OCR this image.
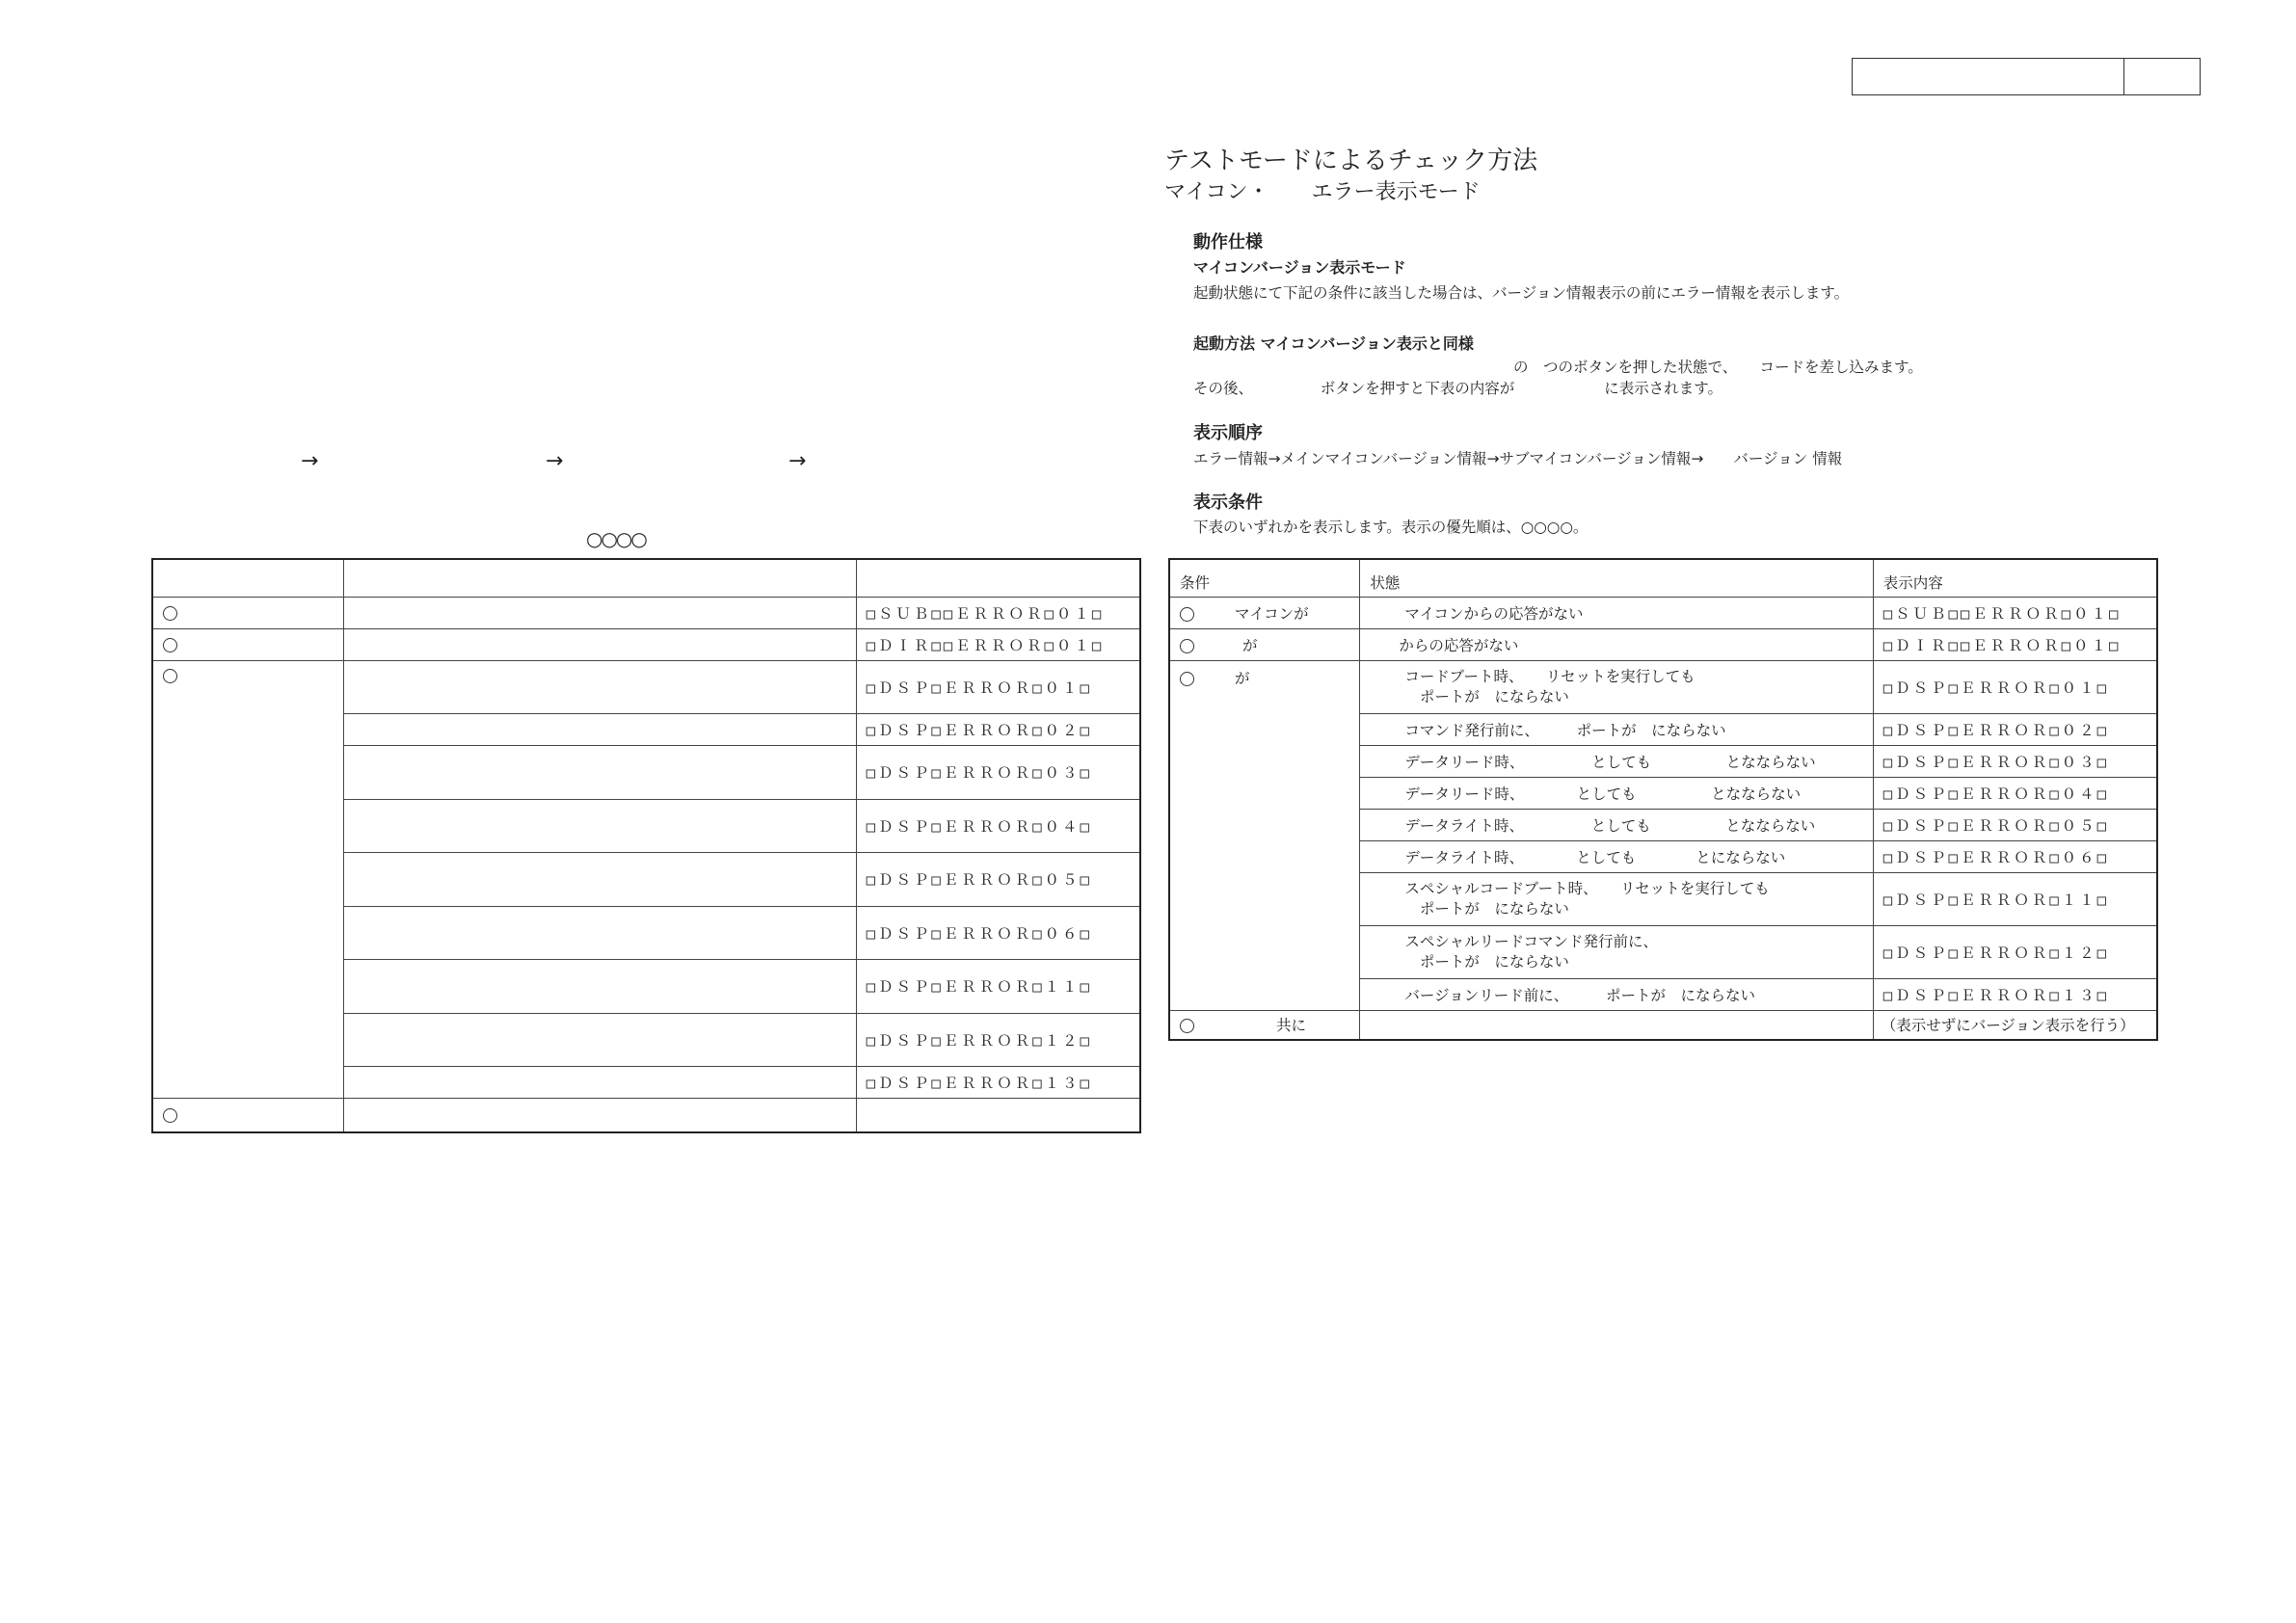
テストモードによるチェック方法
マイコン・　　エラー表示モード
動作仕様
マイコンバージョン表示モード
起動状態にて下記の条件に該当した場合は、バージョン情報表示の前にエラー情報を表示します。
起動方法 マイコンバージョン表示と同様
の　つのボタンを押した状態で、　　コードを差し込みます。
その後、　　　　　ボタンを押すと下表の内容が　　　　　　に表示されます。
表示順序
エラー情報→メインマイコンバージョン情報→サブマイコンバージョン情報→　　バージョン 情報
表示条件
下表のいずれかを表示します。表示の優先順は、○○○○。
→	→	→
○○○○

		□ＳＵＢ□□ＥＲＲＯＲ□０１□
		□ＤＩＲ□□ＥＲＲＯＲ□０１□
		□ＤＳＰ□ＥＲＲＯＲ□０１□
		□ＤＳＰ□ＥＲＲＯＲ□０２□
		□ＤＳＰ□ＥＲＲＯＲ□０３□
		□ＤＳＰ□ＥＲＲＯＲ□０４□
		□ＤＳＰ□ＥＲＲＯＲ□０５□
		□ＤＳＰ□ＥＲＲＯＲ□０６□
		□ＤＳＰ□ＥＲＲＯＲ□１１□
		□ＤＳＰ□ＥＲＲＯＲ□１２□
		□ＤＳＰ□ＥＲＲＯＲ□１３□

条件	状態	表示内容
マイコンが	マイコンからの応答がない	□ＳＵＢ□□ＥＲＲＯＲ□０１□
が	からの応答がない	□ＤＩＲ□□ＥＲＲＯＲ□０１□
が	コードブート時、　　リセットを実行しても
　ポートが　にならない	□ＤＳＰ□ＥＲＲＯＲ□０１□
	コマンド発行前に、　　　ポートが　にならない	□ＤＳＰ□ＥＲＲＯＲ□０２□
	データリード時、　　　　　としても　　　　　となならない	□ＤＳＰ□ＥＲＲＯＲ□０３□
	データリード時、　　　　としても　　　　　となならない	□ＤＳＰ□ＥＲＲＯＲ□０４□
	データライト時、　　　　　としても　　　　　となならない	□ＤＳＰ□ＥＲＲＯＲ□０５□
	データライト時、　　　　としても　　　　とにならない	□ＤＳＰ□ＥＲＲＯＲ□０６□

	スペシャルコードブート時、　　リセットを実行しても
　ポートが　にならない	□ＤＳＰ□ＥＲＲＯＲ□１１□

	スペシャルリードコマンド発行前に、
　ポートが　にならない	□ＤＳＰ□ＥＲＲＯＲ□１２□
	バージョンリード前に、　　　ポートが　にならない	□ＤＳＰ□ＥＲＲＯＲ□１３□
共に		（表示せずにバージョン表示を行う）
